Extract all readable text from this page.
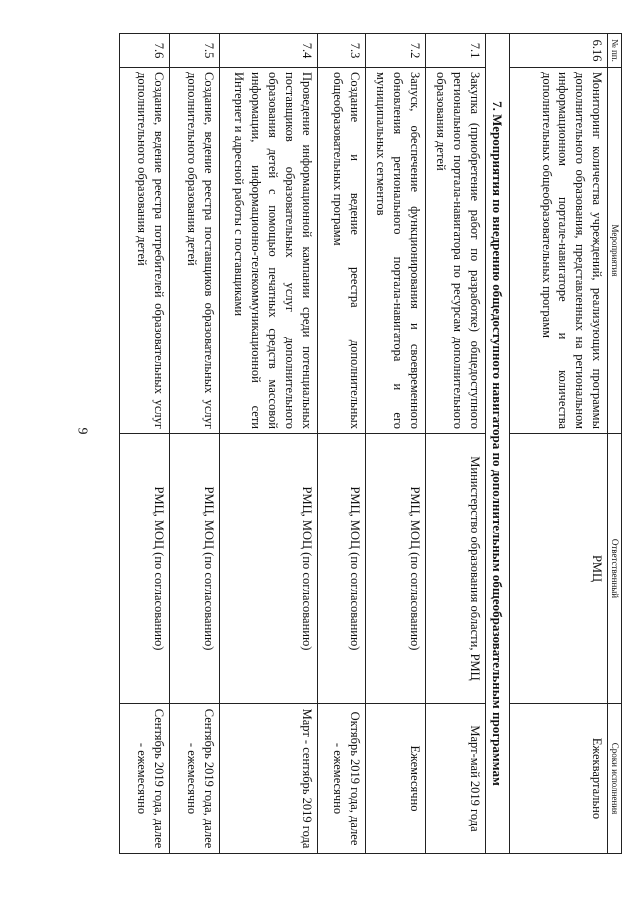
9
№ пп.	Мероприятия	Ответственный	Сроки исполнения
6.16	Мониторинг количества учреждений, реализующих программы дополнительного образования, представленных на региональном информационном портале-навигаторе и количества дополнительных общеобразовательных программ	РМЦ	Ежеквартально
7. Мероприятия по внедрению общедоступного навигатора по дополнительным общеобразовательным программам			
7.1	Закупка (приобретение работ по разработке) общедоступного регионального портала-навигатора по ресурсам дополнительного образования детей	Министерство образования области, РМЦ	Март-май 2019 года
7.2	Запуск, обеспечение функционирования и своевременного обновления регионального портала-навигатора и его муниципальных сегментов	РМЦ, МОЦ (по согласованию)	Ежемесячно
7.3	Создание и ведение реестра дополнительных общеобразовательных программ	РМЦ, МОЦ (по согласованию)	Октябрь 2019 года, далее - ежемесячно
7.4	Проведение информационной кампании среди потенциальных поставщиков образовательных услуг дополнительного образования детей с помощью печатных средств массовой информации, информационно-телекоммуникационной сети Интернет и адресной работы с поставщиками	РМЦ, МОЦ (по согласованию)	Март - сентябрь 2019 года
7.5	Создание, ведение реестра поставщиков образовательных услуг дополнительного образования детей	РМЦ, МОЦ (по согласованию)	Сентябрь 2019 года, далее - ежемесячно
7.6	Создание, ведение реестра потребителей образовательных услуг дополнительного образования детей	РМЦ, МОЦ (по согласованию)	Сентябрь 2019 года, далее - ежемесячно
